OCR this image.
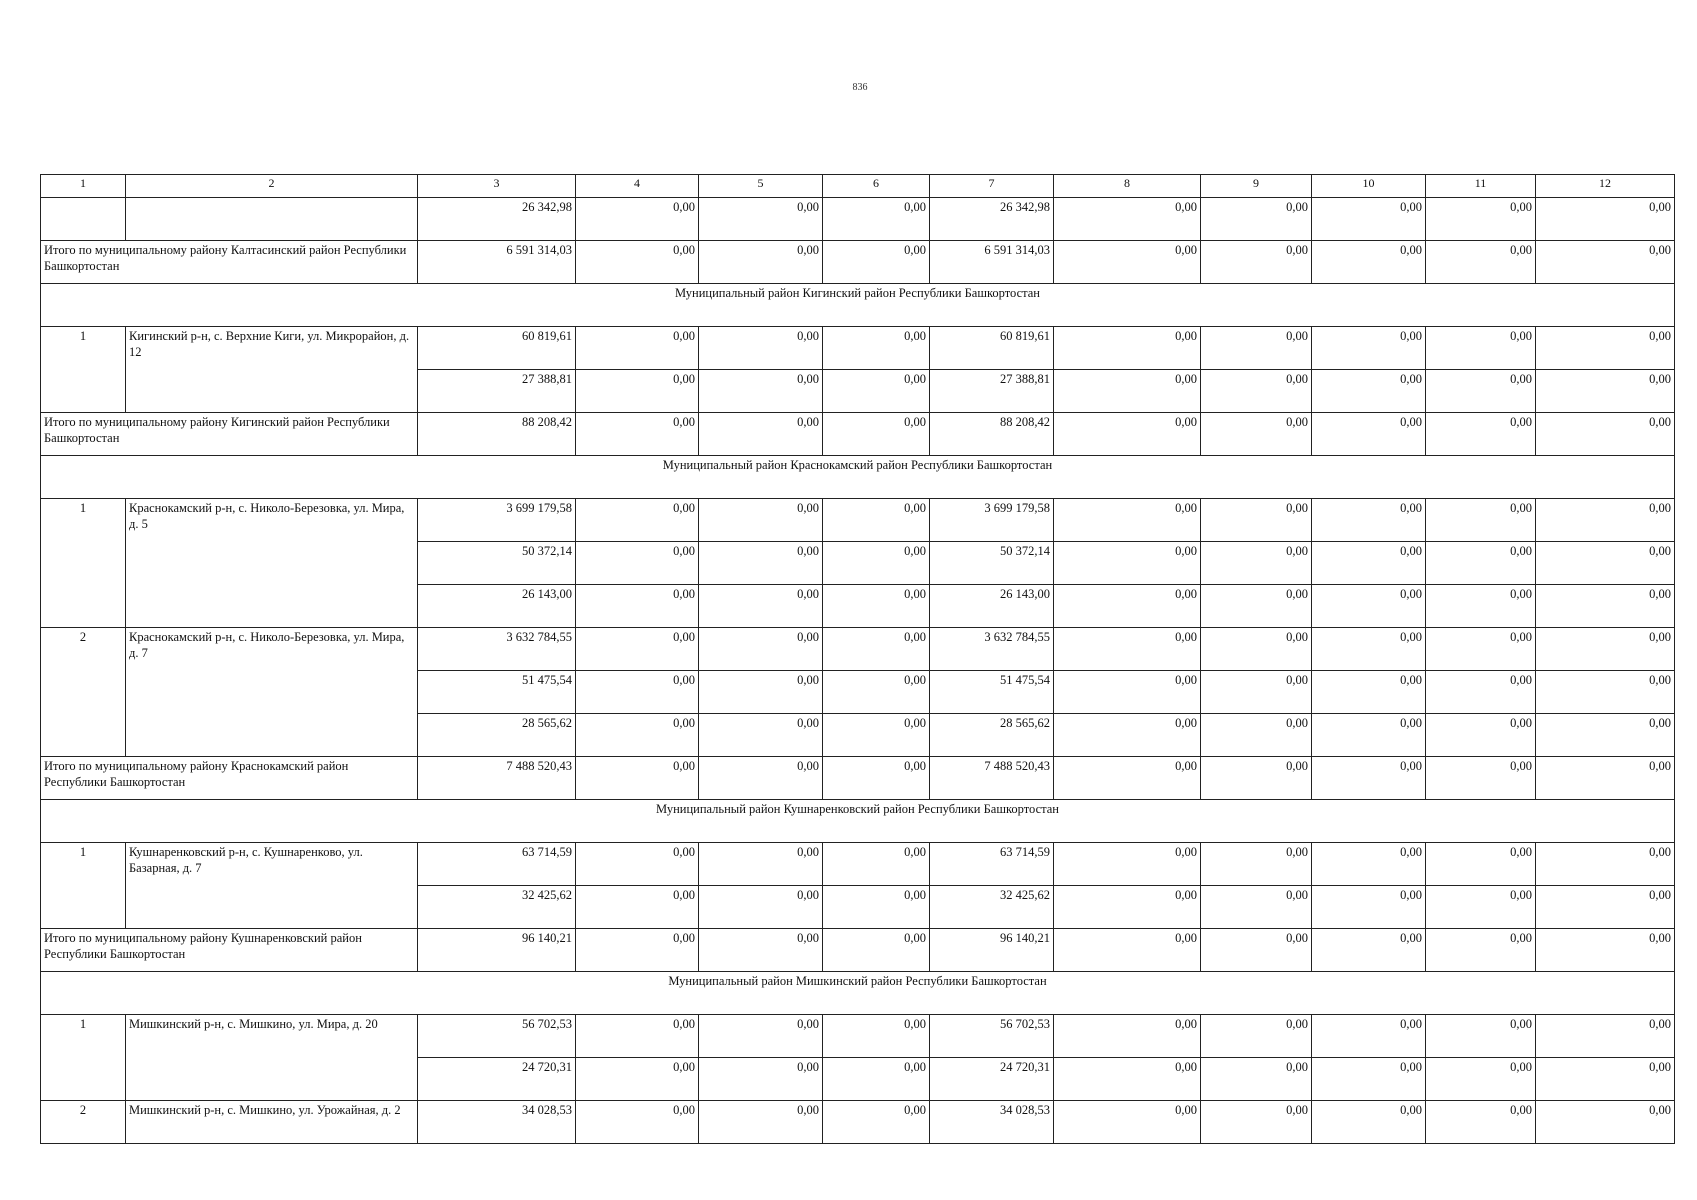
836
1	2	3	4	5	6	7	8	9	10	11	12
		26 342,98	0,00	0,00	0,00	26 342,98	0,00	0,00	0,00	0,00	0,00
Итого по муниципальному району Калтасинский район Республики Башкортостан		6 591 314,03	0,00	0,00	0,00	6 591 314,03	0,00	0,00	0,00	0,00	0,00
Муниципальный район Кигинский район Республики Башкортостан											
1	Кигинский р-н, с. Верхние Киги, ул. Микрорайон, д. 12	60 819,61	0,00	0,00	0,00	60 819,61	0,00	0,00	0,00	0,00	0,00
		27 388,81	0,00	0,00	0,00	27 388,81	0,00	0,00	0,00	0,00	0,00
Итого по муниципальному району Кигинский район Республики Башкортостан		88 208,42	0,00	0,00	0,00	88 208,42	0,00	0,00	0,00	0,00	0,00
Муниципальный район Краснокамский район Республики Башкортостан											
1	Краснокамский р-н, с. Николо-Березовка, ул. Мира, д. 5	3 699 179,58	0,00	0,00	0,00	3 699 179,58	0,00	0,00	0,00	0,00	0,00
		50 372,14	0,00	0,00	0,00	50 372,14	0,00	0,00	0,00	0,00	0,00
		26 143,00	0,00	0,00	0,00	26 143,00	0,00	0,00	0,00	0,00	0,00
2	Краснокамский р-н, с. Николо-Березовка, ул. Мира, д. 7	3 632 784,55	0,00	0,00	0,00	3 632 784,55	0,00	0,00	0,00	0,00	0,00
		51 475,54	0,00	0,00	0,00	51 475,54	0,00	0,00	0,00	0,00	0,00
		28 565,62	0,00	0,00	0,00	28 565,62	0,00	0,00	0,00	0,00	0,00
Итого по муниципальному району Краснокамский район Республики Башкортостан		7 488 520,43	0,00	0,00	0,00	7 488 520,43	0,00	0,00	0,00	0,00	0,00
Муниципальный район Кушнаренковский район Республики Башкортостан											
1	Кушнаренковский р-н, с. Кушнаренково, ул. Базарная, д. 7	63 714,59	0,00	0,00	0,00	63 714,59	0,00	0,00	0,00	0,00	0,00
		32 425,62	0,00	0,00	0,00	32 425,62	0,00	0,00	0,00	0,00	0,00
Итого по муниципальному району Кушнаренковский район Республики Башкортостан		96 140,21	0,00	0,00	0,00	96 140,21	0,00	0,00	0,00	0,00	0,00
Муниципальный район Мишкинский район Республики Башкортостан											
1	Мишкинский р-н, с. Мишкино, ул. Мира, д. 20	56 702,53	0,00	0,00	0,00	56 702,53	0,00	0,00	0,00	0,00	0,00
		24 720,31	0,00	0,00	0,00	24 720,31	0,00	0,00	0,00	0,00	0,00
2	Мишкинский р-н, с. Мишкино, ул. Урожайная, д. 2	34 028,53	0,00	0,00	0,00	34 028,53	0,00	0,00	0,00	0,00	0,00
